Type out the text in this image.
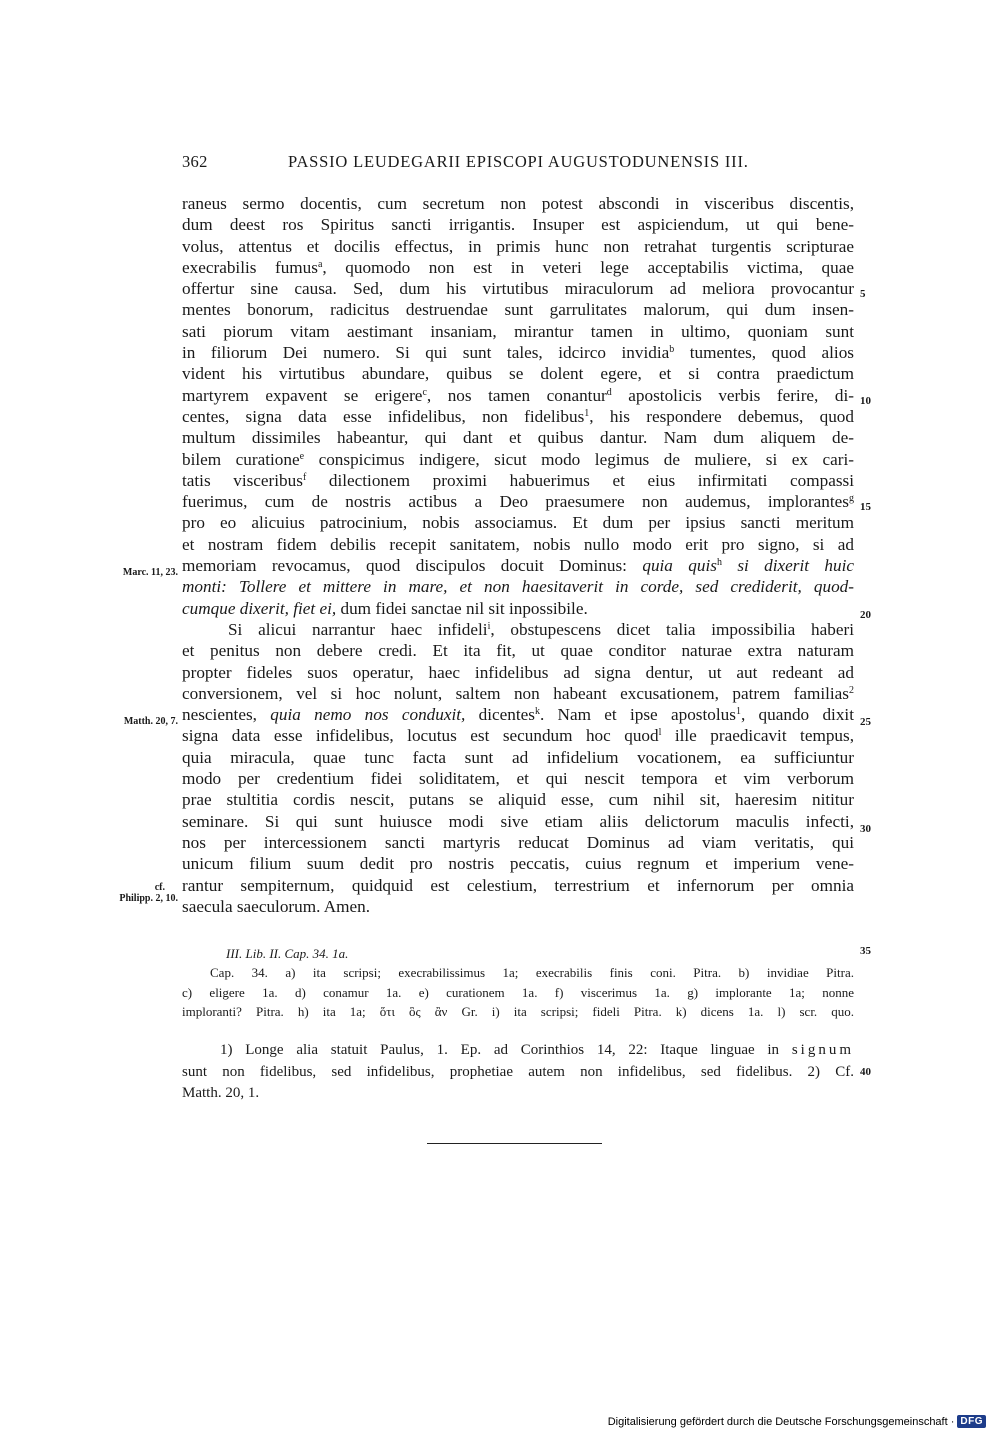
362	PASSIO LEUDEGARII EPISCOPI AUGUSTODUNENSIS III.
raneus sermo docentis, cum secretum non potest abscondi in visceribus discentis,
dum deest ros Spiritus sancti irrigantis. Insuper est aspiciendum, ut qui bene-
volus, attentus et docilis effectus, in primis hunc non retrahat turgentis scripturae
execrabilis fumus$^a$, quomodo non est in veteri lege acceptabilis victima, quae
offertur sine causa. Sed, dum his virtutibus miraculorum ad meliora provocantur
mentes bonorum, radicitus destruendae sunt garrulitates malorum, qui dum insen-
sati piorum vitam aestimant insaniam, mirantur tamen in ultimo, quoniam sunt
in filiorum Dei numero. Si qui sunt tales, idcirco invidia$^b$ tumentes, quod alios
vident his virtutibus abundare, quibus se dolent egere, et si contra praedictum
martyrem expavent se erigere$^c$, nos tamen conantur$^d$ apostolicis verbis ferire, di-
centes, signa data esse infidelibus, non fidelibus$^1$, his respondere debemus, quod
multum dissimiles habeantur, qui dant et quibus dantur. Nam dum aliquem de-
bilem curatione$^e$ conspicimus indigere, sicut modo legimus de muliere, si ex cari-
tatis visceribus$^f$ dilectionem proximi habuerimus et eius infirmitati compassi
fuerimus, cum de nostris actibus a Deo praesumere non audemus, implorantes$^g$
pro eo alicuius patrocinium, nobis associamus. Et dum per ipsius sancti meritum
et nostram fidem debilis recepit sanitatem, nobis nullo modo erit pro signo, si ad
memoriam revocamus, quod discipulos docuit Dominus: quia quis$^h$ si dixerit huic
monti: Tollere et mittere in mare, et non haesitaverit in corde, sed crediderit, quod-
cumque dixerit, fiet ei, dum fidei sanctae nil sit inpossibile.
Si alicui narrantur haec infideli$^i$, obstupescens dicet talia impossibilia haberi
et penitus non debere credi. Et ita fit, ut quae conditor naturae extra naturam
propter fideles suos operatur, haec infidelibus ad signa dentur, ut aut redeant ad
conversionem, vel si hoc nolunt, saltem non habeant excusationem, patrem familias$^2$
nescientes, quia nemo nos conduxit, dicentes$^k$. Nam et ipse apostolus$^1$, quando dixit
signa data esse infidelibus, locutus est secundum hoc quod$^l$ ille praedicavit tempus,
quia miracula, quae tunc facta sunt ad infidelium vocationem, ea sufficiuntur
modo per credentium fidei soliditatem, et qui nescit tempora et vim verborum
prae stultitia cordis nescit, putans se aliquid esse, cum nihil sit, haeresim nititur
seminare. Si qui sunt huiusce modi sive etiam aliis delictorum maculis infecti,
nos per intercessionem sancti martyris reducat Dominus ad viam veritatis, qui
unicum filium suum dedit pro nostris peccatis, cuius regnum et imperium vene-
rantur sempiternum, quidquid est celestium, terrestrium et infernorum per omnia
saecula saeculorum. Amen.
5
10
15
20
25
30
35
40
Marc. 11, 23.
Matth. 20, 7.
cf.
Philipp. 2, 10.
III. Lib. II. Cap. 34. 1a.
Cap. 34. a) ita scripsi; execrabilissimus 1a; execrabilis finis coni. Pitra. b) invidiae Pitra.
c) eligere 1a. d) conamur 1a. e) curationem 1a. f) viscerimus 1a. g) implorante 1a; nonne
imploranti? Pitra. h) ita 1a; ὅτι ὃς ἂν Gr. i) ita scripsi; fideli Pitra. k) dicens 1a. l) scr. quo.
1) Longe alia statuit Paulus, 1. Ep. ad Corinthios 14, 22: Itaque linguae in signum
sunt non fidelibus, sed infidelibus, prophetiae autem non infidelibus, sed fidelibus. 2) Cf.
Matth. 20, 1.
Digitalisierung gefördert durch die Deutsche Forschungsgemeinschaft · DFG
